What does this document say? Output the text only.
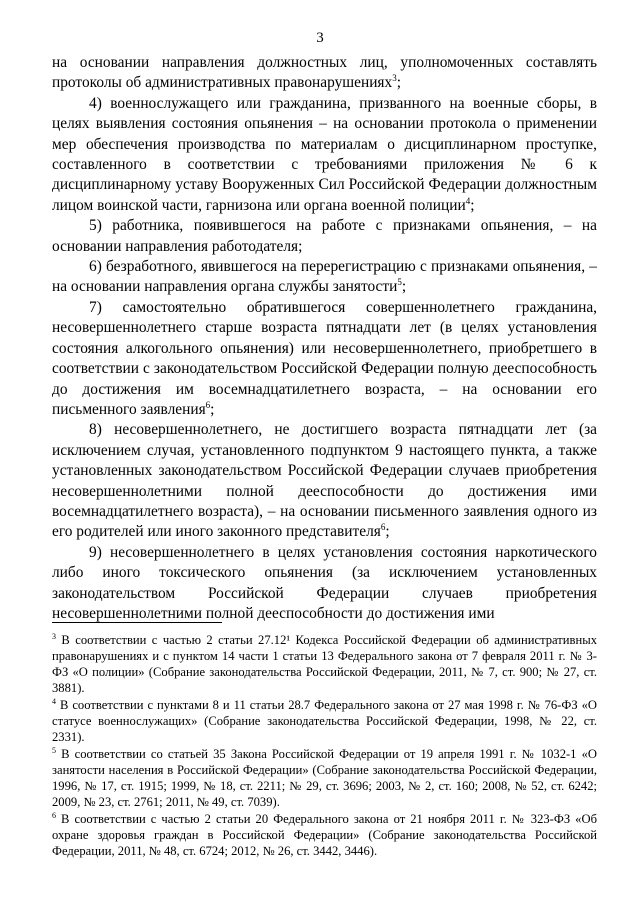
3

на основании направления должностных лиц, уполномоченных составлять протоколы об административных правонарушениях$^3$;

4) военнослужащего или гражданина, призванного на военные сборы, в целях выявления состояния опьянения – на основании протокола о применении мер обеспечения производства по материалам о дисциплинарном проступке, составленного в соответствии с требованиями приложения № 6 к дисциплинарному уставу Вооруженных Сил Российской Федерации должностным лицом воинской части, гарнизона или органа военной полиции$^4$;

5) работника, появившегося на работе с признаками опьянения, – на основании направления работодателя;

6) безработного, явившегося на перерегистрацию с признаками опьянения, – на основании направления органа службы занятости$^5$;

7) самостоятельно обратившегося совершеннолетнего гражданина, несовершеннолетнего старше возраста пятнадцати лет (в целях установления состояния алкогольного опьянения) или несовершеннолетнего, приобретшего в соответствии с законодательством Российской Федерации полную дееспособность до достижения им восемнадцатилетнего возраста, – на основании его письменного заявления$^6$;

8) несовершеннолетнего, не достигшего возраста пятнадцати лет (за исключением случая, установленного подпунктом 9 настоящего пункта, а также установленных законодательством Российской Федерации случаев приобретения несовершеннолетними полной дееспособности до достижения ими восемнадцатилетнего возраста), – на основании письменного заявления одного из его родителей или иного законного представителя$^6$;

9) несовершеннолетнего в целях установления состояния наркотического либо иного токсического опьянения (за исключением установленных законодательством Российской Федерации случаев приобретения несовершеннолетними полной дееспособности до достижения ими

$^3$ В соответствии с частью 2 статьи 27.12¹ Кодекса Российской Федерации об административных правонарушениях и с пунктом 14 части 1 статьи 13 Федерального закона от 7 февраля 2011 г. № 3-ФЗ «О полиции» (Собрание законодательства Российской Федерации, 2011, № 7, ст. 900; № 27, ст. 3881).

$^4$ В соответствии с пунктами 8 и 11 статьи 28.7 Федерального закона от 27 мая 1998 г. № 76-ФЗ «О статусе военнослужащих» (Собрание законодательства Российской Федерации, 1998, № 22, ст. 2331).

$^5$ В соответствии со статьей 35 Закона Российской Федерации от 19 апреля 1991 г. № 1032-1 «О занятости населения в Российской Федерации» (Собрание законодательства Российской Федерации, 1996, № 17, ст. 1915; 1999, № 18, ст. 2211; № 29, ст. 3696; 2003, № 2, ст. 160; 2008, № 52, ст. 6242; 2009, № 23, ст. 2761; 2011, № 49, ст. 7039).

$^6$ В соответствии с частью 2 статьи 20 Федерального закона от 21 ноября 2011 г. № 323-ФЗ «Об охране здоровья граждан в Российской Федерации» (Собрание законодательства Российской Федерации, 2011, № 48, ст. 6724; 2012, № 26, ст. 3442, 3446).
